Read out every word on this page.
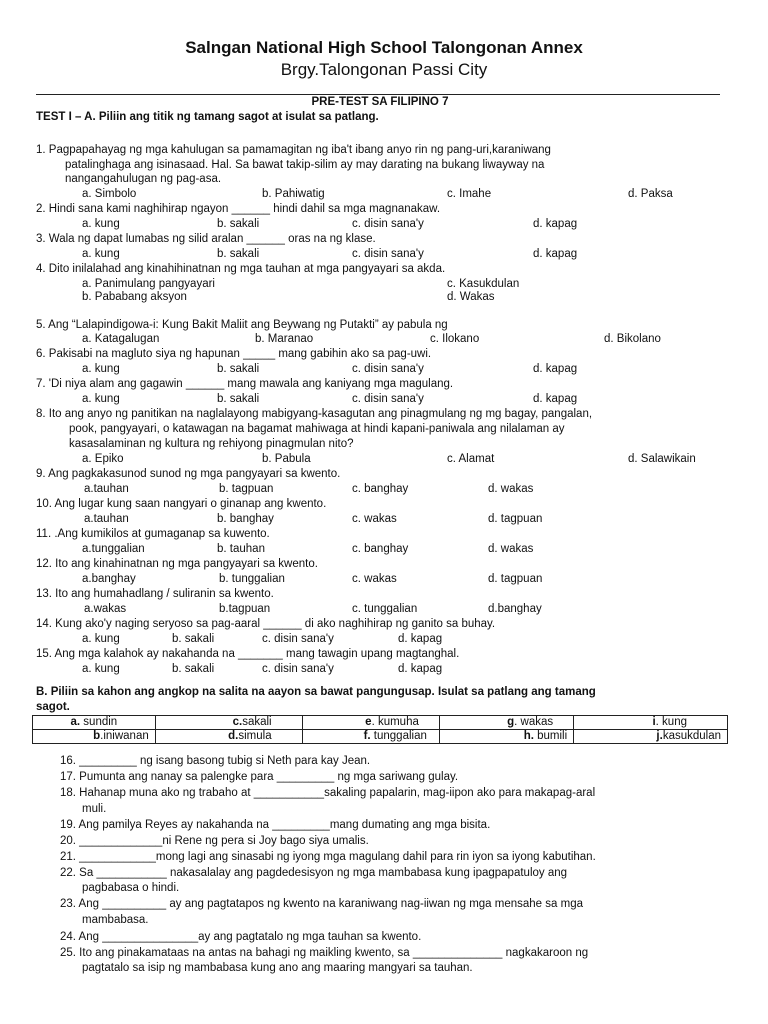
Salngan National High School Talongonan Annex
Brgy.Talongonan Passi City
PRE-TEST SA FILIPINO 7
TEST I – A. Piliin ang titik ng tamang sagot at isulat sa patlang.
1. Pagpapahayag ng mga kahulugan sa pamamagitan ng iba't ibang anyo rin ng pang-uri,karaniwang
patalinghaga ang isinasaad. Hal. Sa bawat takip-silim ay may darating na bukang liwayway na
nangangahulugan ng pag-asa.
a. Simbolo	b. Pahiwatig	c. Imahe	d. Paksa
2. Hindi sana kami naghihirap ngayon ______ hindi dahil sa mga magnanakaw.
a. kung	b. sakali	c. disin sana'y	d. kapag
3. Wala ng dapat lumabas ng silid aralan ______ oras na ng klase.
a. kung	b. sakali	c. disin sana'y	d. kapag
4. Dito inilalahad ang kinahihinatnan ng mga tauhan at mga pangyayari sa akda.
a. Panimulang pangyayari	c. Kasukdulan
b. Pababang aksyon	d. Wakas
5. Ang “Lalapindigowa-i: Kung Bakit Maliit ang Beywang ng Putakti” ay pabula ng
a. Katagalugan	b. Maranao	c. Ilokano	d. Bikolano
6. Pakisabi na magluto siya ng hapunan _____ mang gabihin ako sa pag-uwi.
a. kung	b. sakali	c. disin sana'y	d. kapag
7. 'Di niya alam ang gagawin ______ mang mawala ang kaniyang mga magulang.
a. kung	b. sakali	c. disin sana'y	d. kapag
8. Ito ang anyo ng panitikan na naglalayong mabigyang-kasagutan ang pinagmulang ng mg bagay, pangalan,
pook, pangyayari, o katawagan na bagamat mahiwaga at hindi kapani-paniwala ang nilalaman ay
kasasalaminan ng kultura ng rehiyong pinagmulan nito?
a. Epiko	b. Pabula	c. Alamat	d. Salawikain
9. Ang pagkakasunod sunod ng mga pangyayari sa kwento.
a.tauhan	b. tagpuan	c. banghay	d. wakas
10. Ang lugar kung saan nangyari o ginanap ang kwento.
a.tauhan	b. banghay	c. wakas	d. tagpuan
11. .Ang kumikilos at gumaganap sa kuwento.
a.tunggalian	b. tauhan	c. banghay	d. wakas
12. Ito ang kinahinatnan ng mga pangyayari sa kwento.
a.banghay	b. tunggalian	c. wakas	d. tagpuan
13. Ito ang humahadlang / suliranin sa kwento.
a.wakas	b.tagpuan	c. tunggalian	d.banghay
14. Kung ako'y naging seryoso sa pag-aaral ______ di ako naghihirap ng ganito sa buhay.
a. kung	b. sakali	c. disin sana'y	d. kapag
15. Ang mga kalahok ay nakahanda na _______ mang tawagin upang magtanghal.
a. kung	b. sakali	c. disin sana'y	d. kapag
B. Piliin sa kahon ang angkop na salita na aayon sa bawat pangungusap. Isulat sa patlang ang tamang
sagot.
a. sundin	c.sakali	e. kumuha	g. wakas	i. kung
b.iniwanan	d.simula	f. tunggalian	h. bumili	j.kasukdulan
16. _________ ng isang basong tubig si Neth para kay Jean.
17. Pumunta ang nanay sa palengke para _________ ng mga sariwang gulay.
18. Hahanap muna ako ng trabaho at ___________sakaling papalarin, mag-iipon ako para makapag-aral
muli.
19. Ang pamilya Reyes ay nakahanda na _________mang dumating ang mga bisita.
20. _____________ni Rene ng pera si Joy bago siya umalis.
21. ____________mong lagi ang sinasabi ng iyong mga magulang dahil para rin iyon sa iyong kabutihan.
22. Sa ___________ nakasalalay ang pagdedesisyon ng mga mambabasa kung ipagpapatuloy ang
pagbabasa o hindi.
23. Ang __________ ay ang pagtatapos ng kwento na karaniwang nag-iiwan ng mga mensahe sa mga
mambabasa.
24. Ang _______________ay ang pagtatalo ng mga tauhan sa kwento.
25. Ito ang pinakamataas na antas na bahagi ng maikling kwento, sa ______________ nagkakaroon ng
pagtatalo sa isip ng mambabasa kung ano ang maaring mangyari sa tauhan.
